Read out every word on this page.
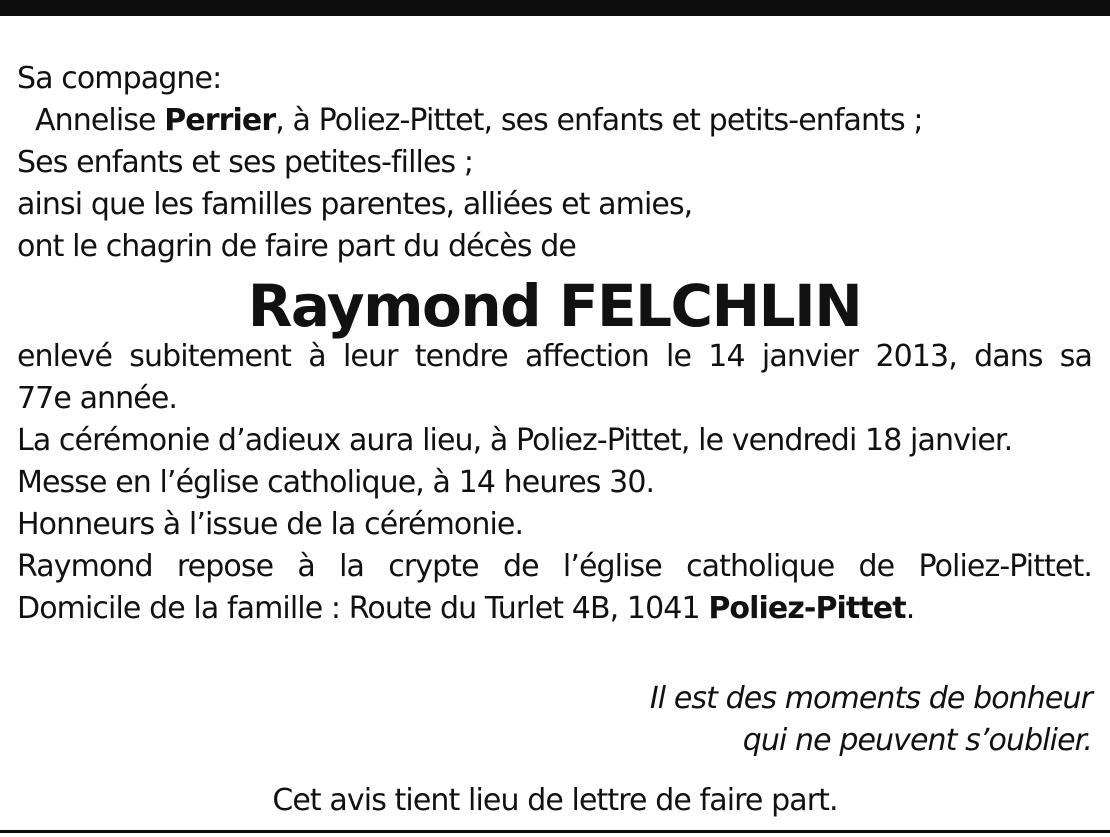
Sa compagne:
Annelise Perrier, à Poliez-Pittet, ses enfants et petits-enfants ;
Ses enfants et ses petites-filles ;
ainsi que les familles parentes, alliées et amies,
ont le chagrin de faire part du décès de
Raymond FELCHLIN
enlevé subitement à leur tendre affection le 14 janvier 2013, dans sa
77e année.
La cérémonie d’adieux aura lieu, à Poliez-Pittet, le vendredi 18 janvier.
Messe en l’église catholique, à 14 heures 30.
Honneurs à l’issue de la cérémonie.
Raymond repose à la crypte de l’église catholique de Poliez-Pittet.
Domicile de la famille : Route du Turlet 4B, 1041 Poliez-Pittet.
Il est des moments de bonheur
qui ne peuvent s’oublier.
Cet avis tient lieu de lettre de faire part.
